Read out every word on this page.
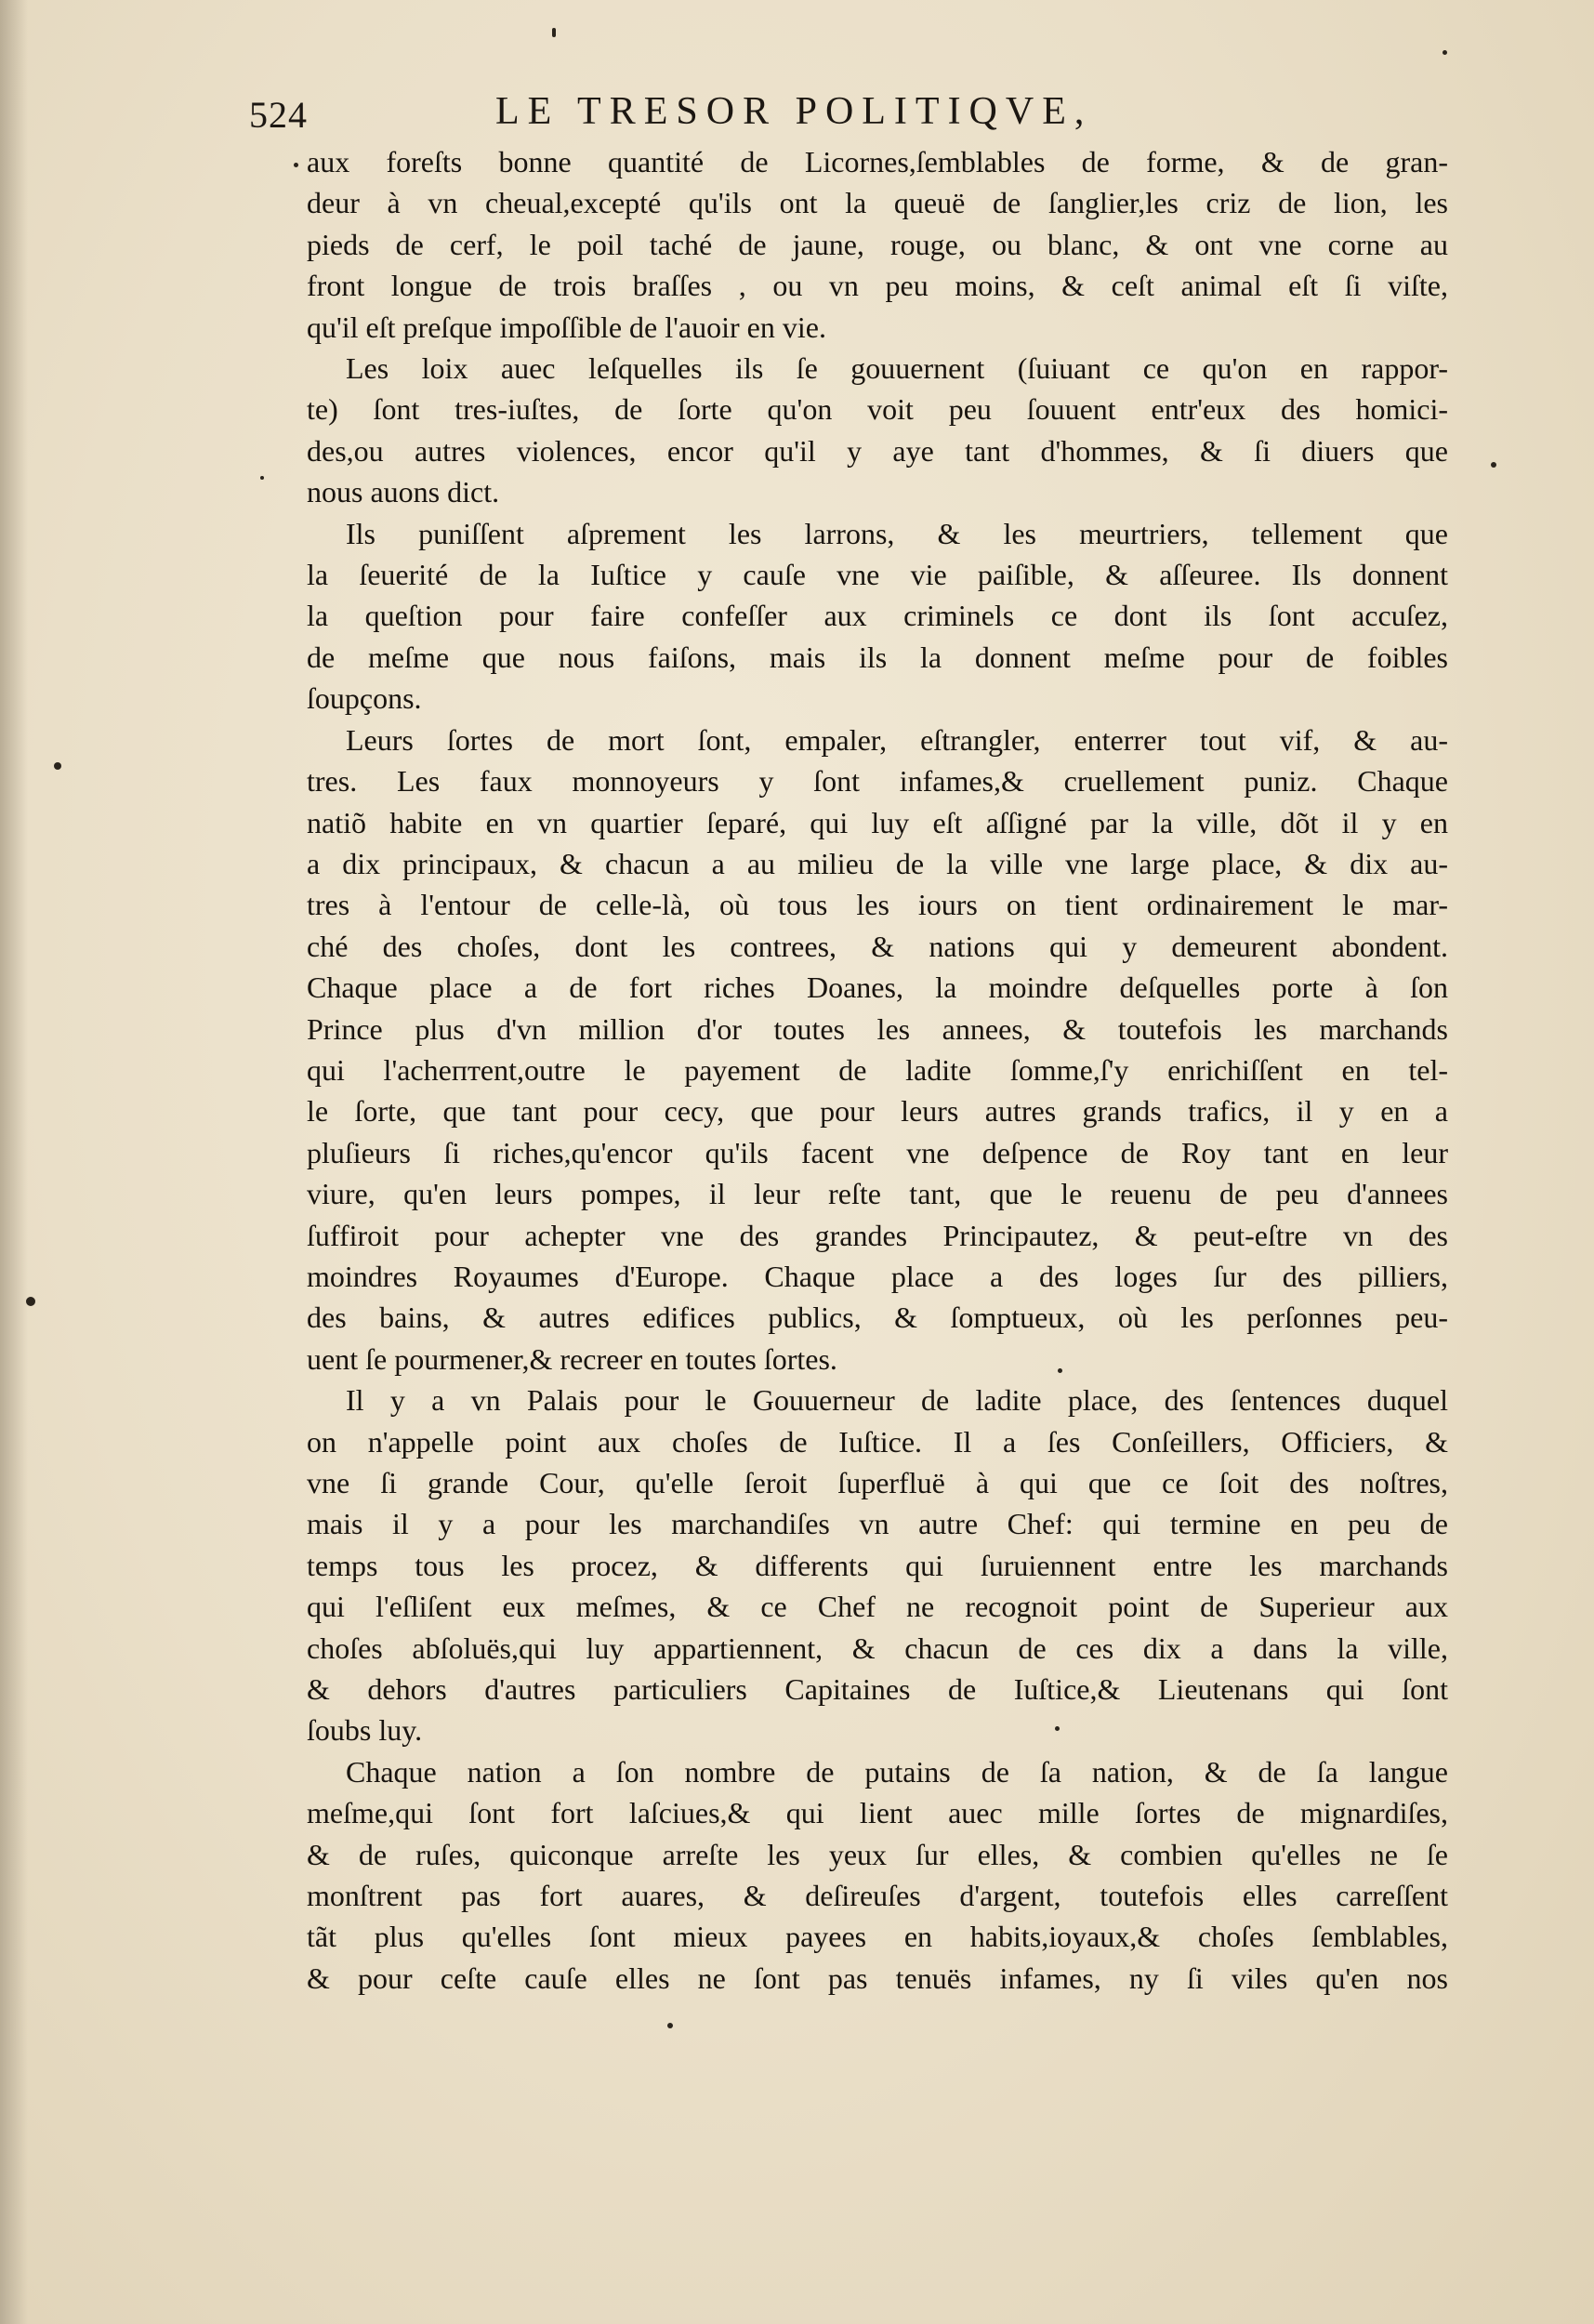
524	LE TRESOR POLITIQVE,
aux foreſts bonne quantité de Licornes,ſemblables de forme, & de gran-
deur à vn cheual,excepté qu'ils ont la queuë de ſanglier,les criz de lion, les
pieds de cerf, le poil taché de jaune, rouge, ou blanc, & ont vne corne au
front longue de trois braſſes , ou vn peu moins, & ceſt animal eſt ſi viſte,
qu'il eſt preſque impoſſible de l'auoir en vie.
Les loix auec leſquelles ils ſe gouuernent (ſuiuant ce qu'on en rappor-
te) ſont tres-iuſtes, de ſorte qu'on voit peu ſouuent entr'eux des homici-
des,ou autres violences, encor qu'il y aye tant d'hommes, & ſi diuers que
nous auons dict.
Ils puniſſent aſprement les larrons, & les meurtriers, tellement que
la ſeuerité de la Iuſtice y cauſe vne vie paiſible, & aſſeuree. Ils donnent
la queſtion pour faire confeſſer aux criminels ce dont ils ſont accuſez,
de meſme que nous faiſons, mais ils la donnent meſme pour de foibles
ſoupçons.
Leurs ſortes de mort ſont, empaler, eſtrangler, enterrer tout vif, & au-
tres. Les faux monnoyeurs y ſont infames,& cruellement puniz. Chaque
natiõ habite en vn quartier ſeparé, qui luy eſt aſſigné par la ville, dõt il y en
a dix principaux, & chacun a au milieu de la ville vne large place, & dix au-
tres à l'entour de celle-là, où tous les iours on tient ordinairement le mar-
ché des choſes, dont les contrees, & nations qui y demeurent abondent.
Chaque place a de fort riches Doanes, la moindre deſquelles porte à ſon
Prince plus d'vn million d'or toutes les annees, & toutefois les marchands
qui l'achептent,outre le payement de ladite ſomme,ſ'y enrichiſſent en tel-
le ſorte, que tant pour cecy, que pour leurs autres grands trafics, il y en a
pluſieurs ſi riches,qu'encor qu'ils facent vne deſpence de Roy tant en leur
viure, qu'en leurs pompes, il leur reſte tant, que le reuenu de peu d'annees
ſuffiroit pour achepter vne des grandes Principautez, & peut-eſtre vn des
moindres Royaumes d'Europe. Chaque place a des loges ſur des pilliers,
des bains, & autres edifices publics, & ſomptueux, où les perſonnes peu-
uent ſe pourmener,& recreer en toutes ſortes.
Il y a vn Palais pour le Gouuerneur de ladite place, des ſentences duquel
on n'appelle point aux choſes de Iuſtice. Il a ſes Conſeillers, Officiers, &
vne ſi grande Cour, qu'elle ſeroit ſuperfluë à qui que ce ſoit des noſtres,
mais il y a pour les marchandiſes vn autre Chef: qui termine en peu de
temps tous les procez, & differents qui ſuruiennent entre les marchands
qui l'eſliſent eux meſmes, & ce Chef ne recognoit point de Superieur aux
choſes abſoluës,qui luy appartiennent, & chacun de ces dix a dans la ville,
& dehors d'autres particuliers Capitaines de Iuſtice,& Lieutenans qui ſont
ſoubs luy.
Chaque nation a ſon nombre de putains de ſa nation, & de ſa langue
meſme,qui ſont fort laſciues,& qui lient auec mille ſortes de mignardiſes,
& de ruſes, quiconque arreſte les yeux ſur elles, & combien qu'elles ne ſe
monſtrent pas fort auares, & deſireuſes d'argent, toutefois elles carreſſent
tãt plus qu'elles ſont mieux payees en habits,ioyaux,& choſes ſemblables,
& pour ceſte cauſe elles ne ſont pas tenuës infames, ny ſi viles qu'en nos
